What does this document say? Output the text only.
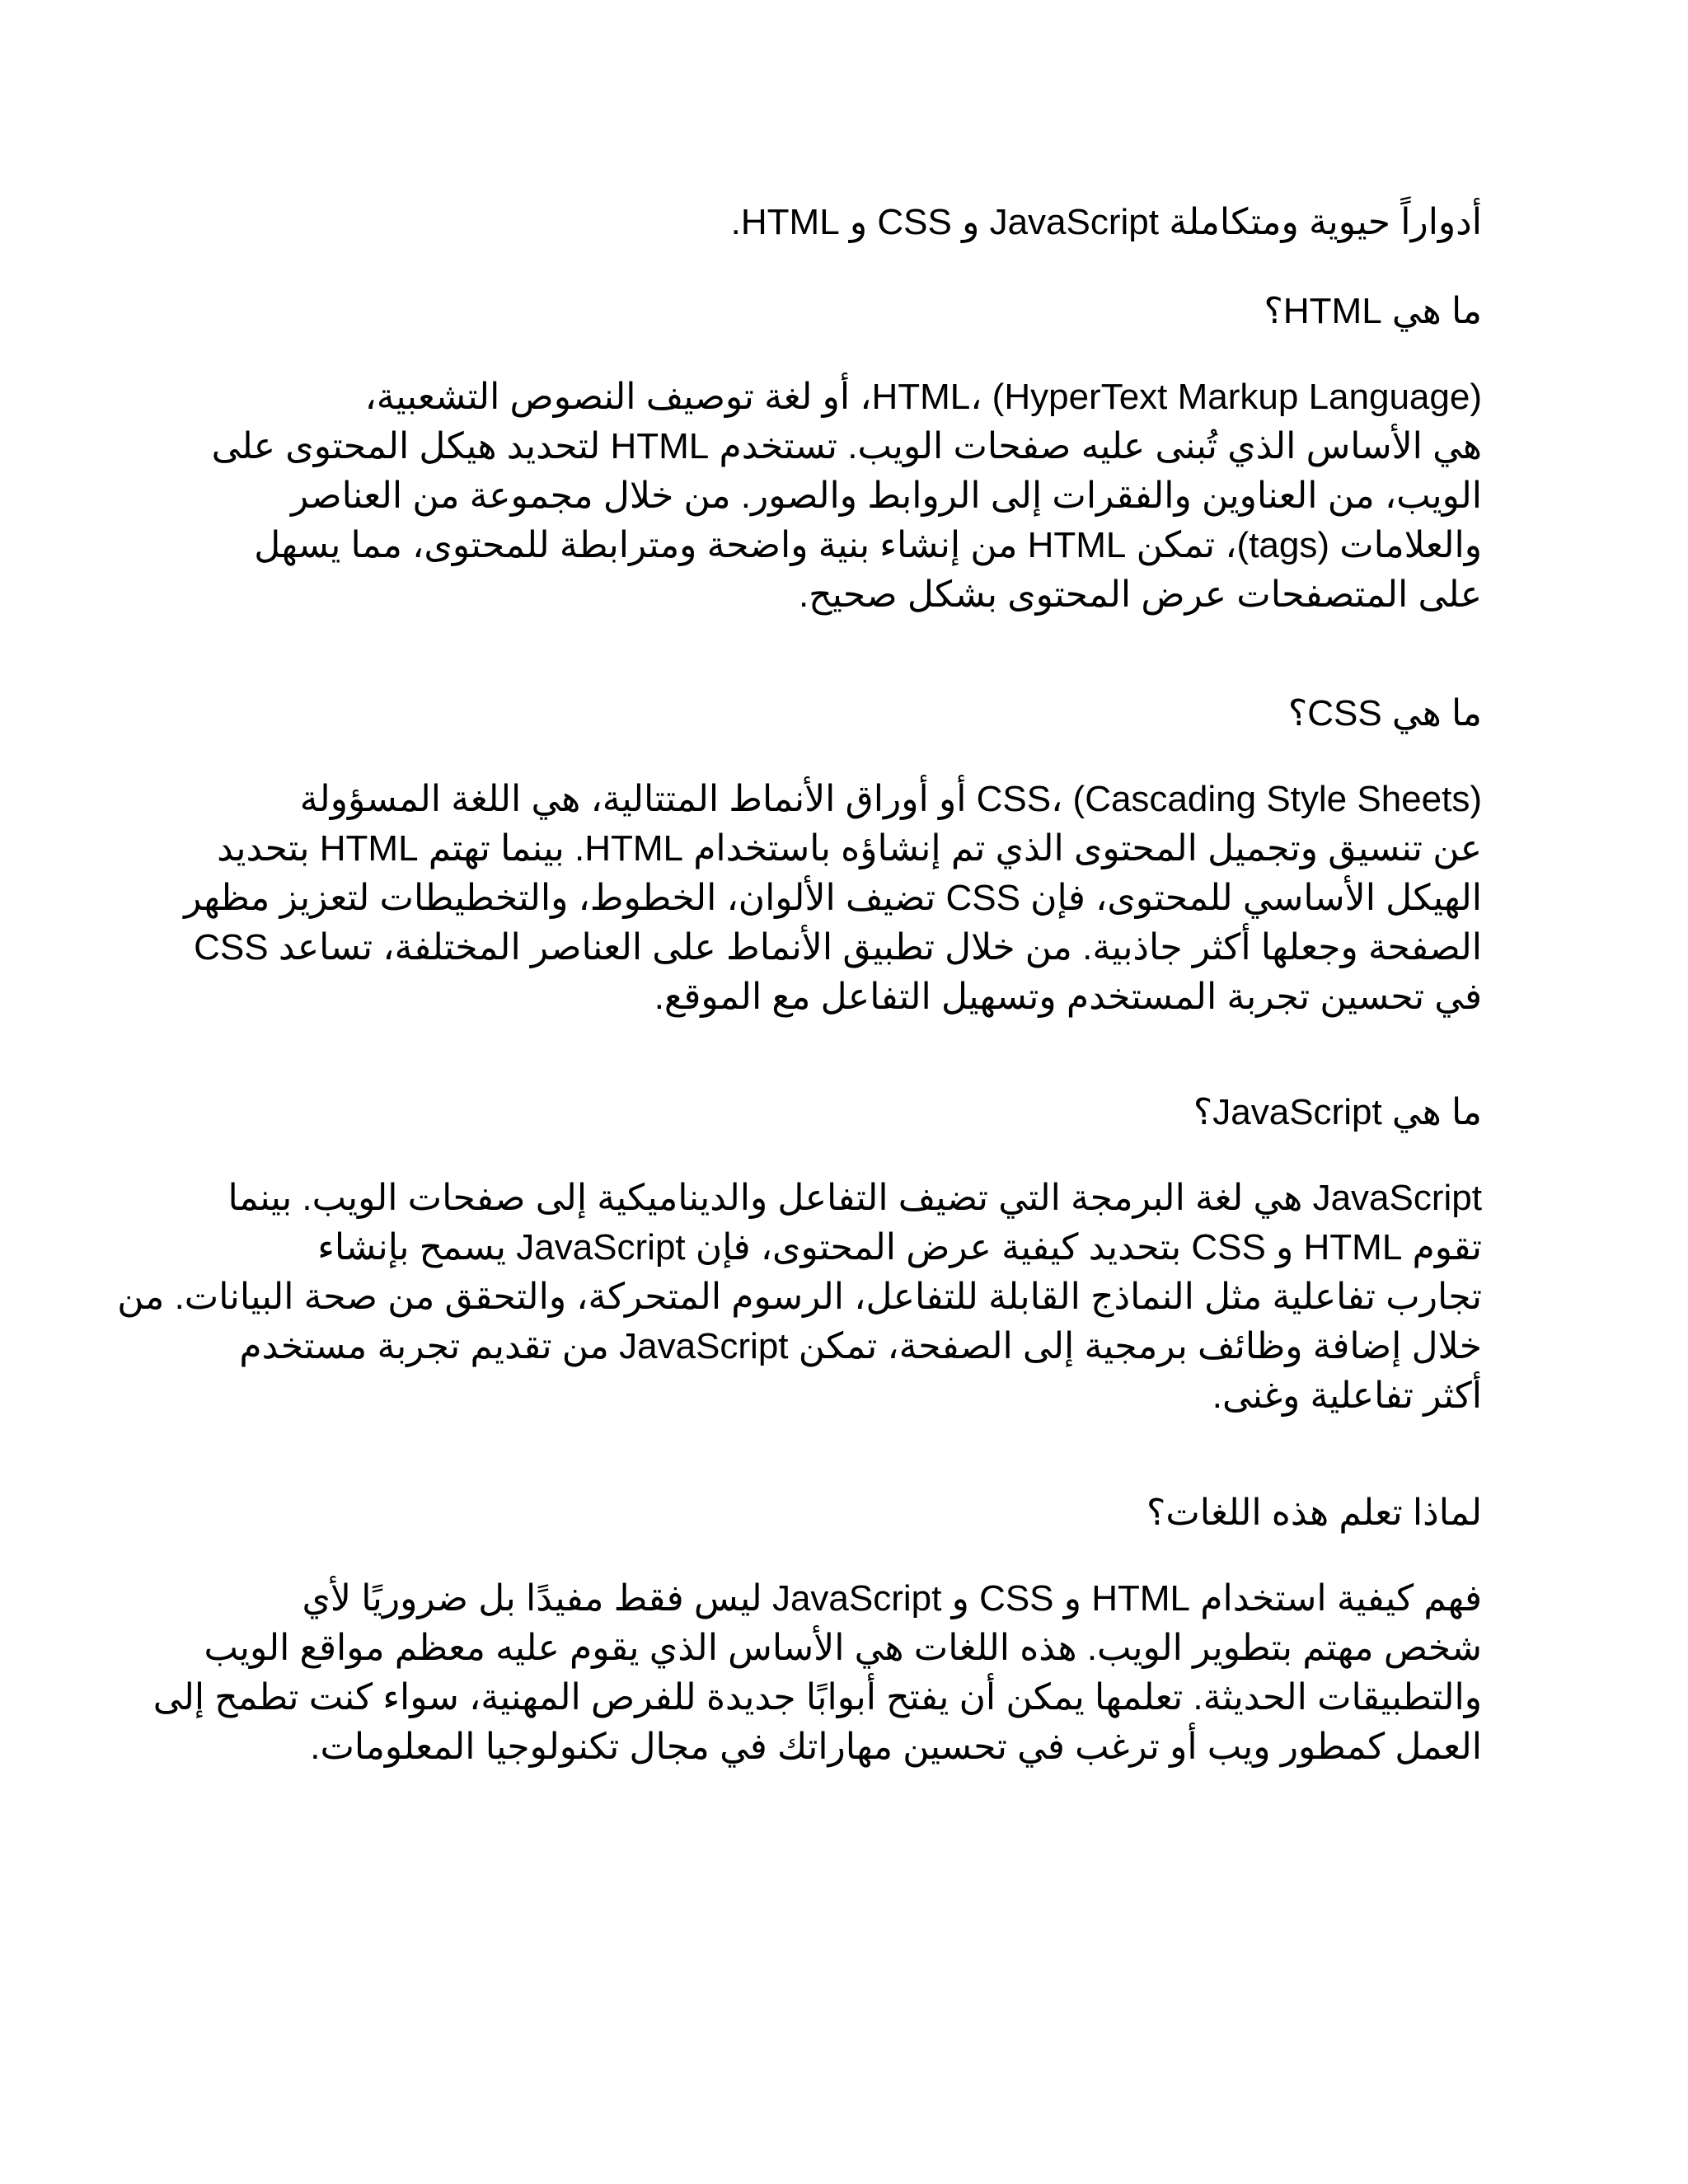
أدواراً حيوية ومتكاملة JavaScript و CSS و HTML.
ما هي HTML؟
HTML، (HyperText Markup Language)، أو لغة توصيف النصوص التشعبية،
هي الأساس الذي تُبنى عليه صفحات الويب. تستخدم HTML لتحديد هيكل المحتوى على
الويب، من العناوين والفقرات إلى الروابط والصور. من خلال مجموعة من العناصر
والعلامات (tags)، تمكن HTML من إنشاء بنية واضحة ومترابطة للمحتوى، مما يسهل
على المتصفحات عرض المحتوى بشكل صحيح.
ما هي CSS؟
CSS، (Cascading Style Sheets) أو أوراق الأنماط المتتالية، هي اللغة المسؤولة
عن تنسيق وتجميل المحتوى الذي تم إنشاؤه باستخدام HTML. بينما تهتم HTML بتحديد
الهيكل الأساسي للمحتوى، فإن CSS تضيف الألوان، الخطوط، والتخطيطات لتعزيز مظهر
الصفحة وجعلها أكثر جاذبية. من خلال تطبيق الأنماط على العناصر المختلفة، تساعد CSS
في تحسين تجربة المستخدم وتسهيل التفاعل مع الموقع.
ما هي JavaScript؟
JavaScript هي لغة البرمجة التي تضيف التفاعل والديناميكية إلى صفحات الويب. بينما
تقوم HTML و CSS بتحديد كيفية عرض المحتوى، فإن JavaScript يسمح بإنشاء
تجارب تفاعلية مثل النماذج القابلة للتفاعل، الرسوم المتحركة، والتحقق من صحة البيانات. من
خلال إضافة وظائف برمجية إلى الصفحة، تمكن JavaScript من تقديم تجربة مستخدم
أكثر تفاعلية وغنى.
لماذا تعلم هذه اللغات؟
فهم كيفية استخدام HTML و CSS و JavaScript ليس فقط مفيدًا بل ضروريًا لأي
شخص مهتم بتطوير الويب. هذه اللغات هي الأساس الذي يقوم عليه معظم مواقع الويب
والتطبيقات الحديثة. تعلمها يمكن أن يفتح أبوابًا جديدة للفرص المهنية، سواء كنت تطمح إلى
العمل كمطور ويب أو ترغب في تحسين مهاراتك في مجال تكنولوجيا المعلومات.
